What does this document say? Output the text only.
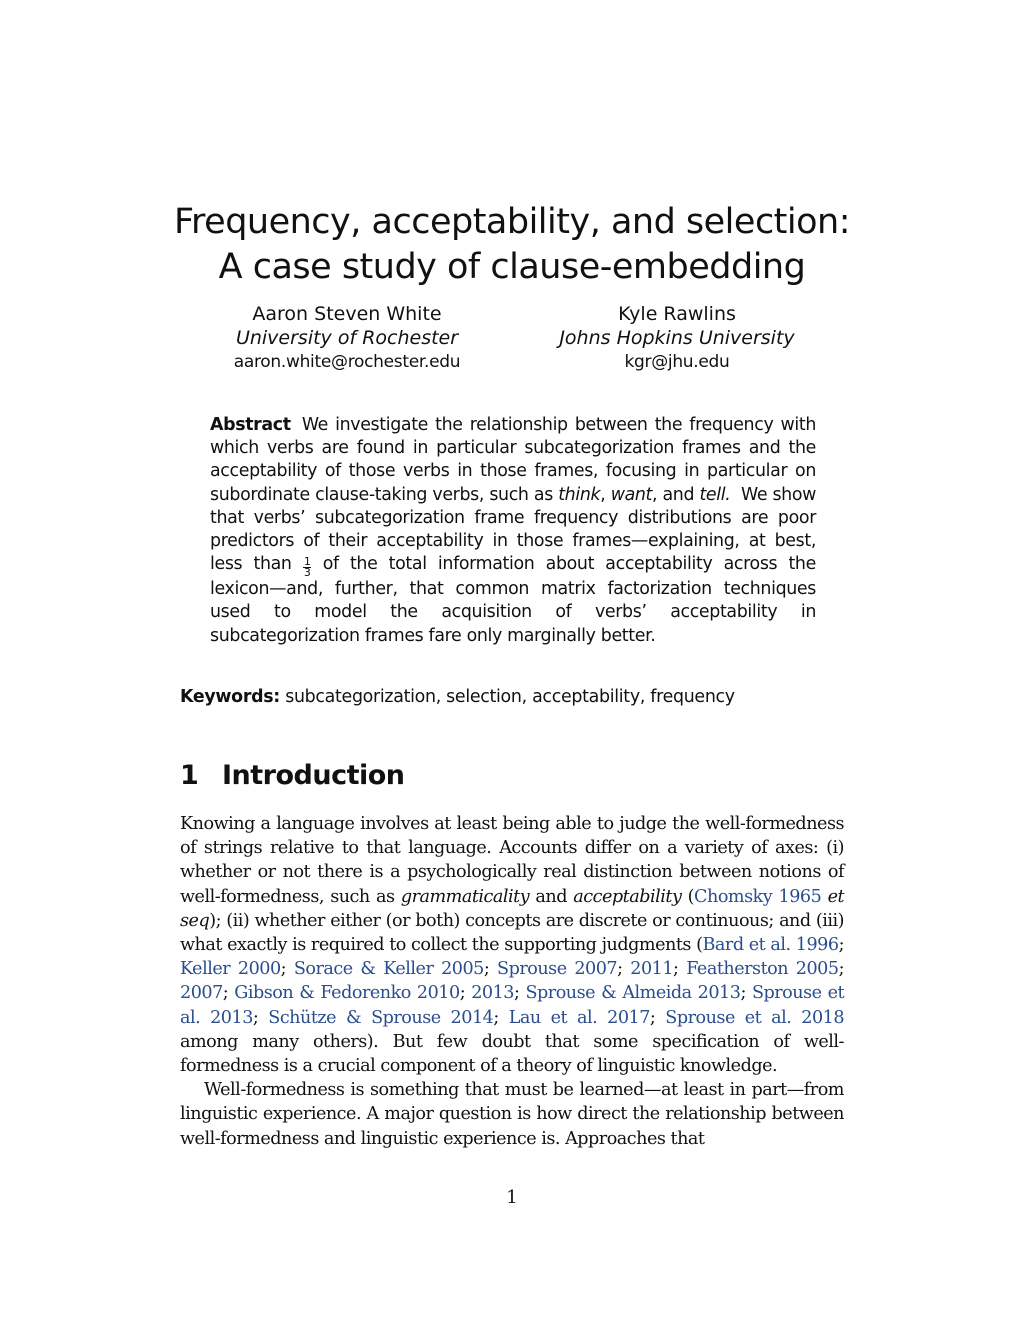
Frequency, acceptability, and selection:
A case study of clause-embedding
Aaron Steven White
University of Rochester
aaron.white@rochester.edu
Kyle Rawlins
Johns Hopkins University
kgr@jhu.edu
Abstract We investigate the relationship between the frequency with which verbs are found in particular subcategorization frames and the acceptability of those verbs in those frames, focusing in particular on subordinate clause-taking verbs, such as think, want, and tell. We show that verbs’ subcategorization frame frequency distributions are poor predictors of their acceptability in those frames—explaining, at best, less than $\frac{1}{3}$ of the total information about acceptability across the lexicon—and, further, that common matrix factorization techniques used to model the acquisition of verbs’ acceptability in subcategorization frames fare only marginally better.
Keywords: subcategorization, selection, acceptability, frequency
1 Introduction

Knowing a language involves at least being able to judge the well-formedness of strings relative to that language. Accounts differ on a variety of axes: (i) whether or not there is a psychologically real distinction between notions of well-formedness, such as grammaticality and acceptability (Chomsky 1965 et seq); (ii) whether either (or both) concepts are discrete or continuous; and (iii) what exactly is required to collect the supporting judgments (Bard et al. 1996; Keller 2000; Sorace & Keller 2005; Sprouse 2007; 2011; Featherston 2005; 2007; Gibson & Fedorenko 2010; 2013; Sprouse & Almeida 2013; Sprouse et al. 2013; Schütze & Sprouse 2014; Lau et al. 2017; Sprouse et al. 2018 among many others). But few doubt that some specification of well-formedness is a crucial component of a theory of linguistic knowledge.

Well-formedness is something that must be learned—at least in part—from linguistic experience. A major question is how direct the relationship between well-formedness and linguistic experience is. Approaches that

1
